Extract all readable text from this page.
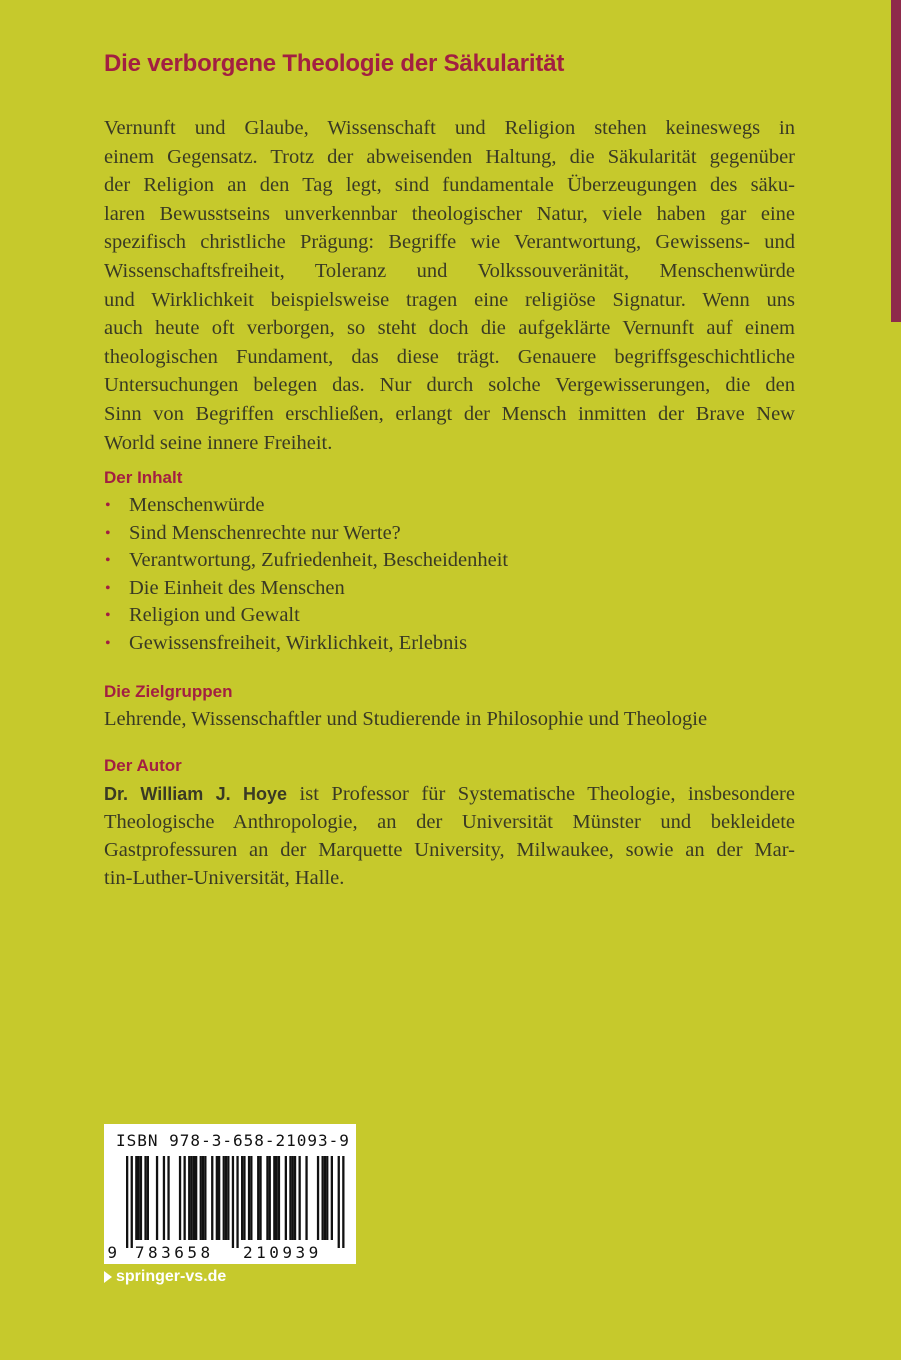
Die verborgene Theologie der Säkularität
Vernunft und Glaube, Wissenschaft und Religion stehen keineswegs in
einem Gegensatz. Trotz der abweisenden Haltung, die Säkularität gegenüber
der Religion an den Tag legt, sind fundamentale Überzeugungen des säku-
laren Bewusstseins unverkennbar theologischer Natur, viele haben gar eine
spezifisch christliche Prägung: Begriffe wie Verantwortung, Gewissens- und
Wissenschaftsfreiheit, Toleranz und Volkssouveränität, Menschenwürde
und Wirklichkeit beispielsweise tragen eine religiöse Signatur. Wenn uns
auch heute oft verborgen, so steht doch die aufgeklärte Vernunft auf einem
theologischen Fundament, das diese trägt. Genauere begriffsgeschichtliche
Untersuchungen belegen das. Nur durch solche Vergewisserungen, die den
Sinn von Begriffen erschließen, erlangt der Mensch inmitten der Brave New
World seine innere Freiheit.
Der Inhalt
• Menschenwürde
• Sind Menschenrechte nur Werte?
• Verantwortung, Zufriedenheit, Bescheidenheit
• Die Einheit des Menschen
• Religion und Gewalt
• Gewissensfreiheit, Wirklichkeit, Erlebnis
Die Zielgruppen

Lehrende, Wissenschaftler und Studierende in Philosophie und Theologie

Der Autor
Dr. William J. Hoye ist Professor für Systematische Theologie, insbesondere
Theologische Anthropologie, an der Universität Münster und bekleidete
Gastprofessuren an der Marquette University, Milwaukee, sowie an der Mar-
tin-Luther-Universität, Halle.
9 783658 210939
ISBN 978-3-658-21093-9
springer-vs.de
